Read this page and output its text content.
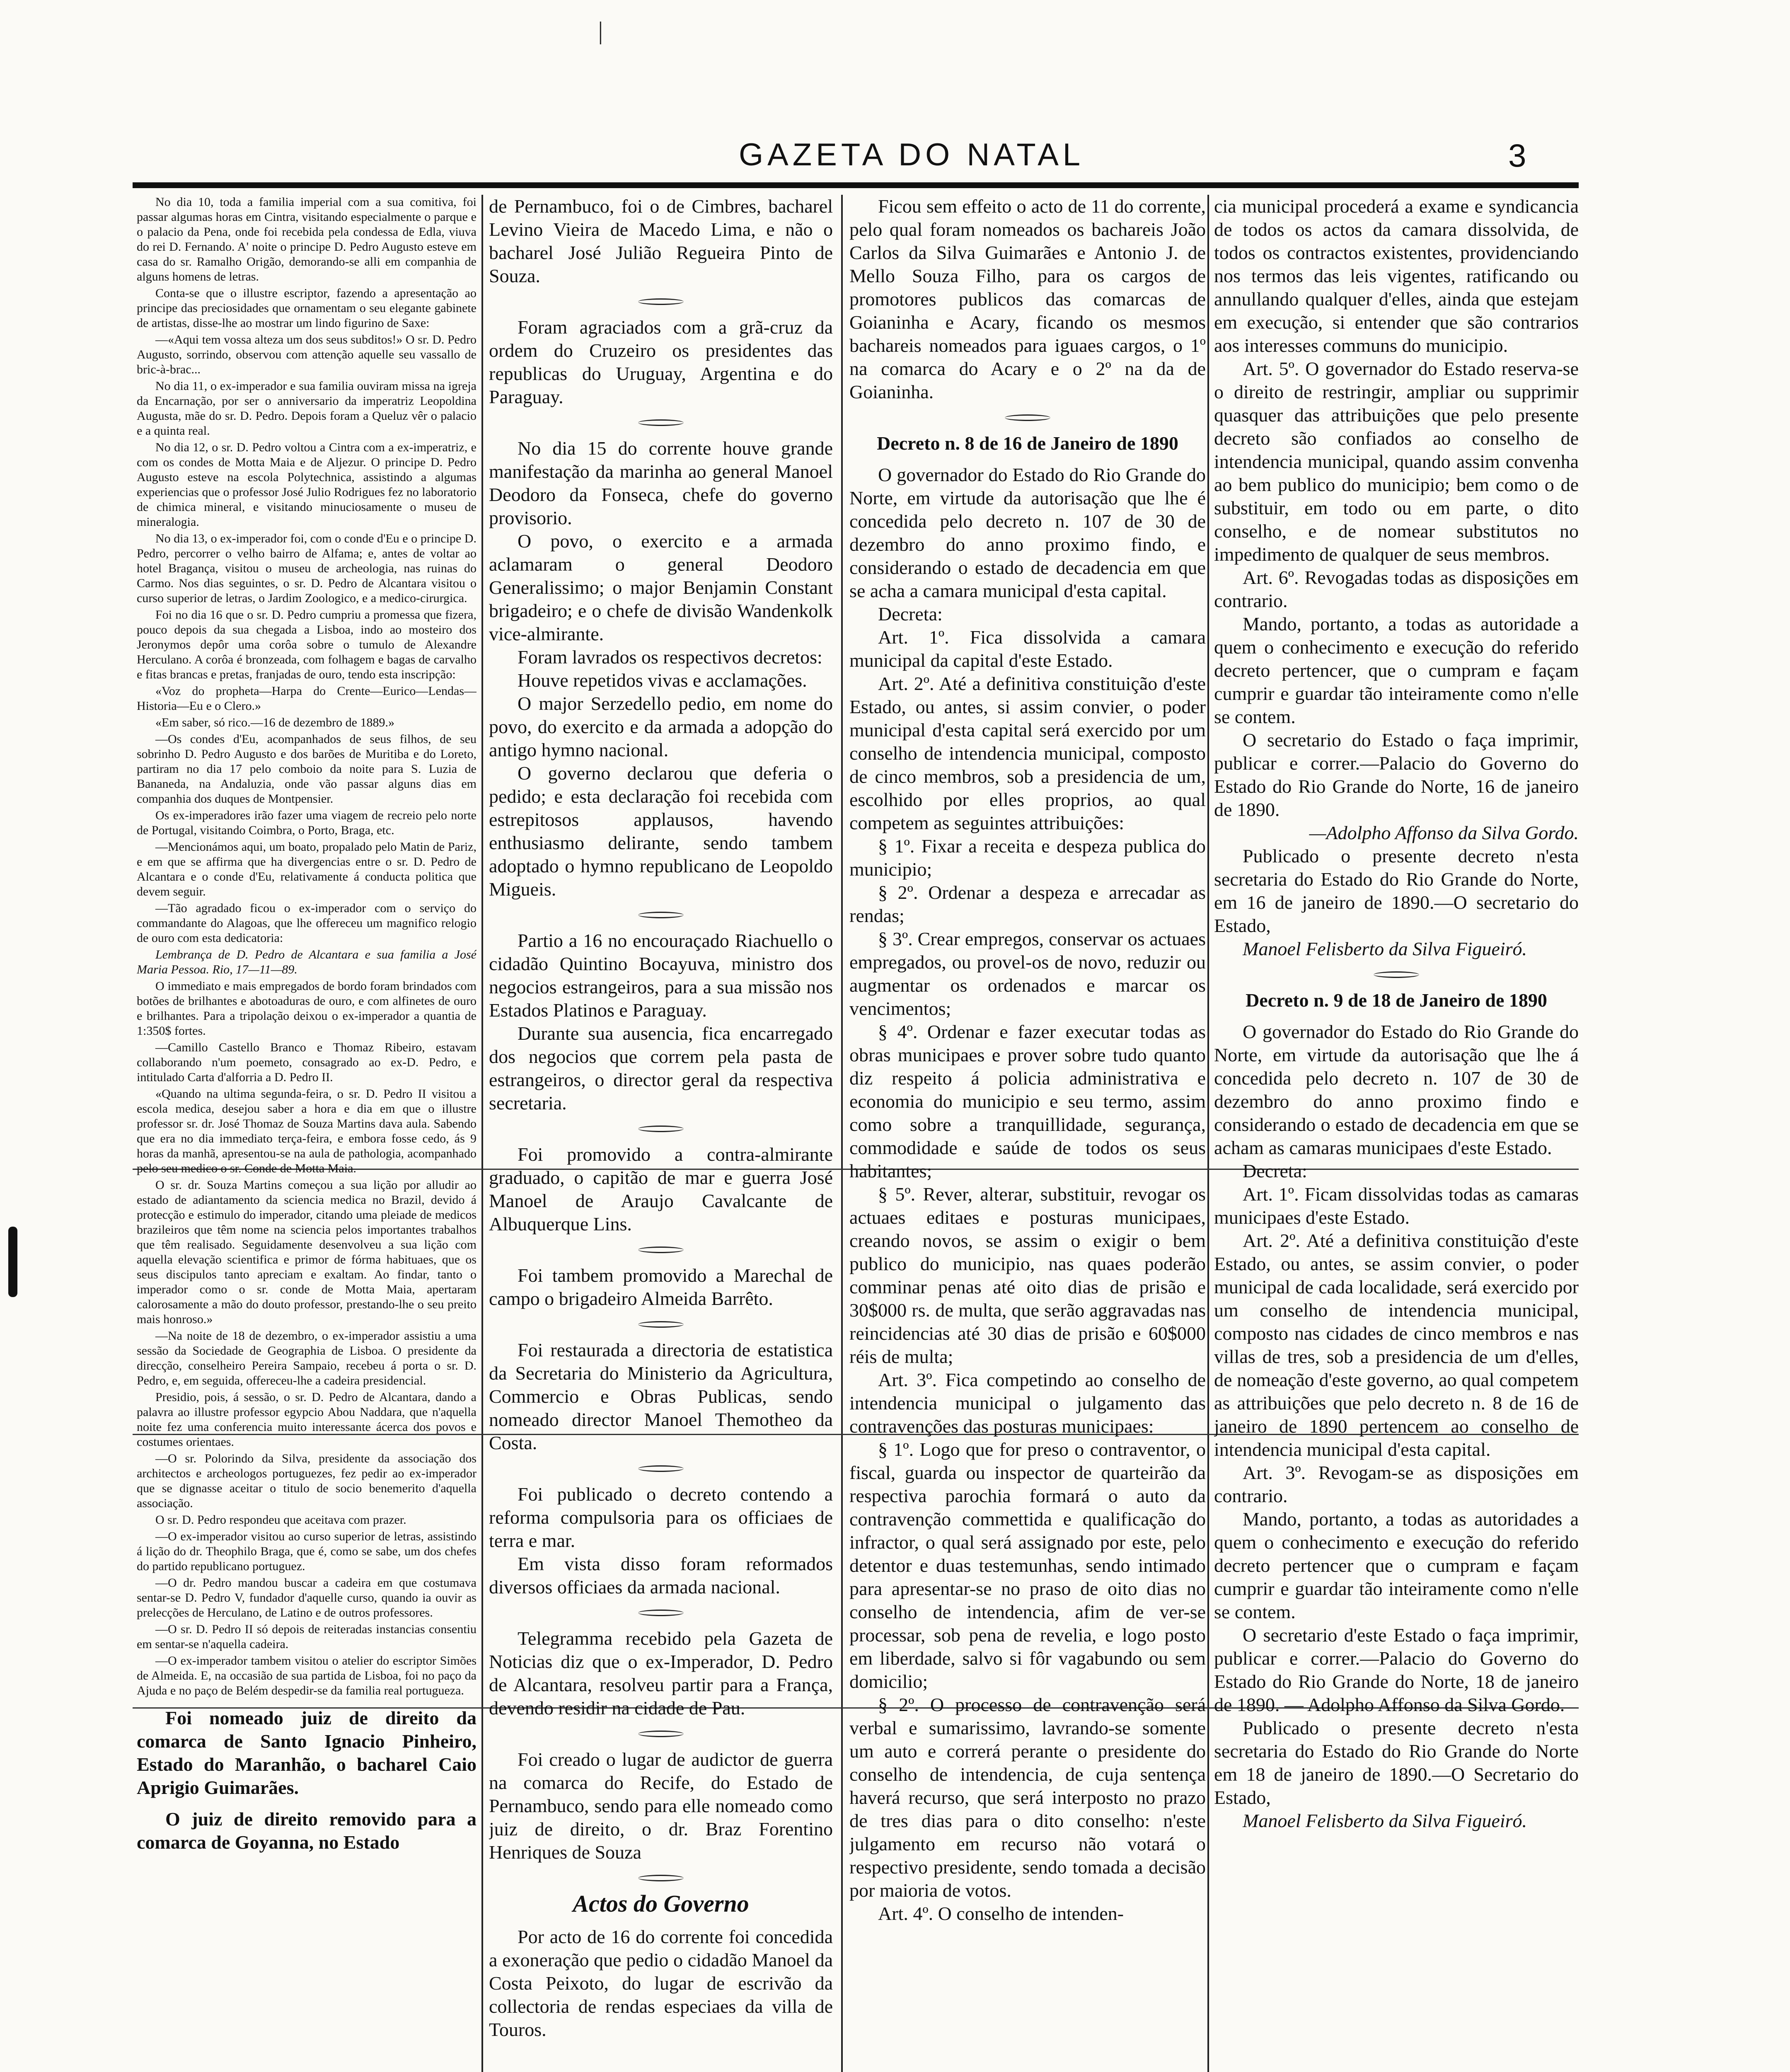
GAZETA DO NATAL	3

No dia 10, toda a familia imperial com a sua comitiva, foi passar algumas horas em Cintra, visitando especialmente o parque e o palacio da Pena, onde foi recebida pela condessa de Edla, viuva do rei D. Fernando. A' noite o principe D. Pedro Augusto esteve em casa do sr. Ramalho Origão, demorando-se alli em companhia de alguns homens de letras.

Conta-se que o illustre escriptor, fazendo a apresentação ao principe das preciosidades que ornamentam o seu elegante gabinete de artistas, disse-lhe ao mostrar um lindo figurino de Saxe:

—«Aqui tem vossa alteza um dos seus subditos!» O sr. D. Pedro Augusto, sorrindo, observou com attenção aquelle seu vassallo de bric-à-brac...

No dia 11, o ex-imperador e sua familia ouviram missa na igreja da Encarnação, por ser o anniversario da imperatriz Leopoldina Augusta, mãe do sr. D. Pedro. Depois foram a Queluz vêr o palacio e a quinta real.

No dia 12, o sr. D. Pedro voltou a Cintra com a ex-imperatriz, e com os condes de Motta Maia e de Aljezur. O principe D. Pedro Augusto esteve na escola Polytechnica, assistindo a algumas experiencias que o professor José Julio Rodrigues fez no laboratorio de chimica mineral, e visitando minuciosamente o museu de mineralogia.

No dia 13, o ex-imperador foi, com o conde d'Eu e o principe D. Pedro, percorrer o velho bairro de Alfama; e, antes de voltar ao hotel Bragança, visitou o museu de archeologia, nas ruinas do Carmo. Nos dias seguintes, o sr. D. Pedro de Alcantara visitou o curso superior de letras, o Jardim Zoologico, e a medico-cirurgica.

Foi no dia 16 que o sr. D. Pedro cumpriu a promessa que fizera, pouco depois da sua chegada a Lisboa, indo ao mosteiro dos Jeronymos depôr uma corôa sobre o tumulo de Alexandre Herculano. A corôa é bronzeada, com folhagem e bagas de carvalho e fitas brancas e pretas, franjadas de ouro, tendo esta inscripção:

«Voz do propheta—Harpa do Crente—Eurico—Lendas—Historia—Eu e o Clero.»

«Em saber, só rico.—16 de dezembro de 1889.»

—Os condes d'Eu, acompanhados de seus filhos, de seu sobrinho D. Pedro Augusto e dos barões de Muritiba e do Loreto, partiram no dia 17 pelo comboio da noite para S. Luzia de Bananeda, na Andaluzia, onde vão passar alguns dias em companhia dos duques de Montpensier.

Os ex-imperadores irão fazer uma viagem de recreio pelo norte de Portugal, visitando Coimbra, o Porto, Braga, etc.

—Mencionámos aqui, um boato, propalado pelo Matin de Pariz, e em que se affirma que ha divergencias entre o sr. D. Pedro de Alcantara e o conde d'Eu, relativamente á conducta politica que devem seguir.

—Tão agradado ficou o ex-imperador com o serviço do commandante do Alagoas, que lhe offereceu um magnifico relogio de ouro com esta dedicatoria:

Lembrança de D. Pedro de Alcantara e sua familia a José Maria Pessoa. Rio, 17—11—89.

O immediato e mais empregados de bordo foram brindados com botões de brilhantes e abotoaduras de ouro, e com alfinetes de ouro e brilhantes. Para a tripolação deixou o ex-imperador a quantia de 1:350$ fortes.

—Camillo Castello Branco e Thomaz Ribeiro, estavam collaborando n'um poemeto, consagrado ao ex-D. Pedro, e intitulado Carta d'alforria a D. Pedro II.

«Quando na ultima segunda-feira, o sr. D. Pedro II visitou a escola medica, desejou saber a hora e dia em que o illustre professor sr. dr. José Thomaz de Souza Martins dava aula. Sabendo que era no dia immediato terça-feira, e embora fosse cedo, ás 9 horas da manhã, apresentou-se na aula de pathologia, acompanhado pelo seu medico o sr. Conde de Motta Maia.

O sr. dr. Souza Martins começou a sua lição por alludir ao estado de adiantamento da sciencia medica no Brazil, devido á protecção e estimulo do imperador, citando uma pleiade de medicos brazileiros que têm nome na sciencia pelos importantes trabalhos que têm realisado. Seguidamente desenvolveu a sua lição com aquella elevação scientifica e primor de fórma habituaes, que os seus discipulos tanto apreciam e exaltam. Ao findar, tanto o imperador como o sr. conde de Motta Maia, apertaram calorosamente a mão do douto professor, prestando-lhe o seu preito mais honroso.»

—Na noite de 18 de dezembro, o ex-imperador assistiu a uma sessão da Sociedade de Geographia de Lisboa. O presidente da direcção, conselheiro Pereira Sampaio, recebeu á porta o sr. D. Pedro, e, em seguida, offereceu-lhe a cadeira presidencial.

Presidio, pois, á sessão, o sr. D. Pedro de Alcantara, dando a palavra ao illustre professor egypcio Abou Naddara, que n'aquella noite fez uma conferencia muito interessante ácerca dos povos e costumes orientaes.

—O sr. Polorindo da Silva, presidente da associação dos architectos e archeologos portuguezes, fez pedir ao ex-imperador que se dignasse aceitar o titulo de socio benemerito d'aquella associação.

O sr. D. Pedro respondeu que aceitava com prazer.

—O ex-imperador visitou ao curso superior de letras, assistindo á lição do dr. Theophilo Braga, que é, como se sabe, um dos chefes do partido republicano portuguez.

—O dr. Pedro mandou buscar a cadeira em que costumava sentar-se D. Pedro V, fundador d'aquelle curso, quando ia ouvir as prelecções de Herculano, de Latino e de outros professores.

—O sr. D. Pedro II só depois de reiteradas instancias consentiu em sentar-se n'aquella cadeira.

—O ex-imperador tambem visitou o atelier do escriptor Simões de Almeida. E, na occasião de sua partida de Lisboa, foi no paço da Ajuda e no paço de Belém despedir-se da familia real portugueza.

Foi nomeado juiz de direito da comarca de Santo Ignacio Pinheiro, Estado do Maranhão, o bacharel Caio Aprigio Guimarães.

O juiz de direito removido para a comarca de Goyanna, no Estado

de Pernambuco, foi o de Cimbres, bacharel Levino Vieira de Macedo Lima, e não o bacharel José Julião Regueira Pinto de Souza.

Foram agraciados com a grã-cruz da ordem do Cruzeiro os presidentes das republicas do Uruguay, Argentina e do Paraguay.

No dia 15 do corrente houve grande manifestação da marinha ao general Manoel Deodoro da Fonseca, chefe do governo provisorio.

O povo, o exercito e a armada aclamaram o general Deodoro Generalissimo; o major Benjamin Constant brigadeiro; e o chefe de divisão Wandenkolk vice-almirante.

Foram lavrados os respectivos decretos:

Houve repetidos vivas e acclamações.

O major Serzedello pedio, em nome do povo, do exercito e da armada a adopção do antigo hymno nacional.

O governo declarou que deferia o pedido; e esta declaração foi recebida com estrepitosos applausos, havendo enthusiasmo delirante, sendo tambem adoptado o hymno republicano de Leopoldo Migueis.

Partio a 16 no encouraçado Riachuello o cidadão Quintino Bocayuva, ministro dos negocios estrangeiros, para a sua missão nos Estados Platinos e Paraguay.

Durante sua ausencia, fica encarregado dos negocios que correm pela pasta de estrangeiros, o director geral da respectiva secretaria.

Foi promovido a contra-almirante graduado, o capitão de mar e guerra José Manoel de Araujo Cavalcante de Albuquerque Lins.

Foi tambem promovido a Marechal de campo o brigadeiro Almeida Barrêto.

Foi restaurada a directoria de estatistica da Secretaria do Ministerio da Agricultura, Commercio e Obras Publicas, sendo nomeado director Manoel Themotheo da Costa.

Foi publicado o decreto contendo a reforma compulsoria para os officiaes de terra e mar.

Em vista disso foram reformados diversos officiaes da armada nacional.

Telegramma recebido pela Gazeta de Noticias diz que o ex-Imperador, D. Pedro de Alcantara, resolveu partir para a França, devendo residir na cidade de Pau.

Foi creado o lugar de audictor de guerra na comarca do Recife, do Estado de Pernambuco, sendo para elle nomeado como juiz de direito, o dr. Braz Forentino Henriques de Souza

Actos do Governo

Por acto de 16 do corrente foi concedida a exoneração que pedio o cidadão Manoel da Costa Peixoto, do lugar de escrivão da collectoria de rendas especiaes da villa de Touros.

Ficou sem effeito o acto de 11 do corrente, pelo qual foram nomeados os bachareis João Carlos da Silva Guimarães e Antonio J. de Mello Souza Filho, para os cargos de promotores publicos das comarcas de Goianinha e Acary, ficando os mesmos bachareis nomeados para iguaes cargos, o 1º na comarca do Acary e o 2º na da de Goianinha.

Decreto n. 8 de 16 de Janeiro de 1890

O governador do Estado do Rio Grande do Norte, em virtude da autorisação que lhe é concedida pelo decreto n. 107 de 30 de dezembro do anno proximo findo, e considerando o estado de decadencia em que se acha a camara municipal d'esta capital.

Decreta:

Art. 1º. Fica dissolvida a camara municipal da capital d'este Estado.

Art. 2º. Até a definitiva constituição d'este Estado, ou antes, si assim convier, o poder municipal d'esta capital será exercido por um conselho de intendencia municipal, composto de cinco membros, sob a presidencia de um, escolhido por elles proprios, ao qual competem as seguintes attribuições:

§ 1º. Fixar a receita e despeza publica do municipio;

§ 2º. Ordenar a despeza e arrecadar as rendas;

§ 3º. Crear empregos, conservar os actuaes empregados, ou provel-os de novo, reduzir ou augmentar os ordenados e marcar os vencimentos;

§ 4º. Ordenar e fazer executar todas as obras municipaes e prover sobre tudo quanto diz respeito á policia administrativa e economia do municipio e seu termo, assim como sobre a tranquillidade, segurança, commodidade e saúde de todos os seus habitantes;

§ 5º. Rever, alterar, substituir, revogar os actuaes editaes e posturas municipaes, creando novos, se assim o exigir o bem publico do municipio, nas quaes poderão comminar penas até oito dias de prisão e 30$000 rs. de multa, que serão aggravadas nas reincidencias até 30 dias de prisão e 60$000 réis de multa;

Art. 3º. Fica competindo ao conselho de intendencia municipal o julgamento das contravenções das posturas municipaes:

§ 1º. Logo que for preso o contraventor, o fiscal, guarda ou inspector de quarteirão da respectiva parochia formará o auto da contravenção commettida e qualificação do infractor, o qual será assignado por este, pelo detentor e duas testemunhas, sendo intimado para apresentar-se no praso de oito dias no conselho de intendencia, afim de ver-se processar, sob pena de revelia, e logo posto em liberdade, salvo si fôr vagabundo ou sem domicilio;

§ 2º. O processo de contravenção será verbal e sumarissimo, lavrando-se somente um auto e correrá perante o presidente do conselho de intendencia, de cuja sentença haverá recurso, que será interposto no prazo de tres dias para o dito conselho: n'este julgamento em recurso não votará o respectivo presidente, sendo tomada a decisão por maioria de votos.

Art. 4º. O conselho de intenden-

cia municipal procederá a exame e syndicancia de todos os actos da camara dissolvida, de todos os contractos existentes, providenciando nos termos das leis vigentes, ratificando ou annullando qualquer d'elles, ainda que estejam em execução, si entender que são contrarios aos interesses communs do municipio.

Art. 5º. O governador do Estado reserva-se o direito de restringir, ampliar ou supprimir quasquer das attribuições que pelo presente decreto são confiados ao conselho de intendencia municipal, quando assim convenha ao bem publico do municipio; bem como o de substituir, em todo ou em parte, o dito conselho, e de nomear substitutos no impedimento de qualquer de seus membros.

Art. 6º. Revogadas todas as disposições em contrario.

Mando, portanto, a todas as autoridade a quem o conhecimento e execução do referido decreto pertencer, que o cumpram e façam cumprir e guardar tão inteiramente como n'elle se contem.

O secretario do Estado o faça imprimir, publicar e correr.—Palacio do Governo do Estado do Rio Grande do Norte, 16 de janeiro de 1890.

—Adolpho Affonso da Silva Gordo.

Publicado o presente decreto n'esta secretaria do Estado do Rio Grande do Norte, em 16 de janeiro de 1890.—O secretario do Estado,

Manoel Felisberto da Silva Figueiró.

Decreto n. 9 de 18 de Janeiro de 1890

O governador do Estado do Rio Grande do Norte, em virtude da autorisação que lhe á concedida pelo decreto n. 107 de 30 de dezembro do anno proximo findo e considerando o estado de decadencia em que se acham as camaras municipaes d'este Estado.

Decreta:

Art. 1º. Ficam dissolvidas todas as camaras municipaes d'este Estado.

Art. 2º. Até a definitiva constituição d'este Estado, ou antes, se assim convier, o poder municipal de cada localidade, será exercido por um conselho de intendencia municipal, composto nas cidades de cinco membros e nas villas de tres, sob a presidencia de um d'elles, de nomeação d'este governo, ao qual competem as attribuições que pelo decreto n. 8 de 16 de janeiro de 1890 pertencem ao conselho de intendencia municipal d'esta capital.

Art. 3º. Revogam-se as disposições em contrario.

Mando, portanto, a todas as autoridades a quem o conhecimento e execução do referido decreto pertencer que o cumpram e façam cumprir e guardar tão inteiramente como n'elle se contem.

O secretario d'este Estado o faça imprimir, publicar e correr.—Palacio do Governo do Estado do Rio Grande do Norte, 18 de janeiro de 1890. — Adolpho Affonso da Silva Gordo.

Publicado o presente decreto n'esta secretaria do Estado do Rio Grande do Norte em 18 de janeiro de 1890.—O Secretario do Estado,

Manoel Felisberto da Silva Figueiró.

|
